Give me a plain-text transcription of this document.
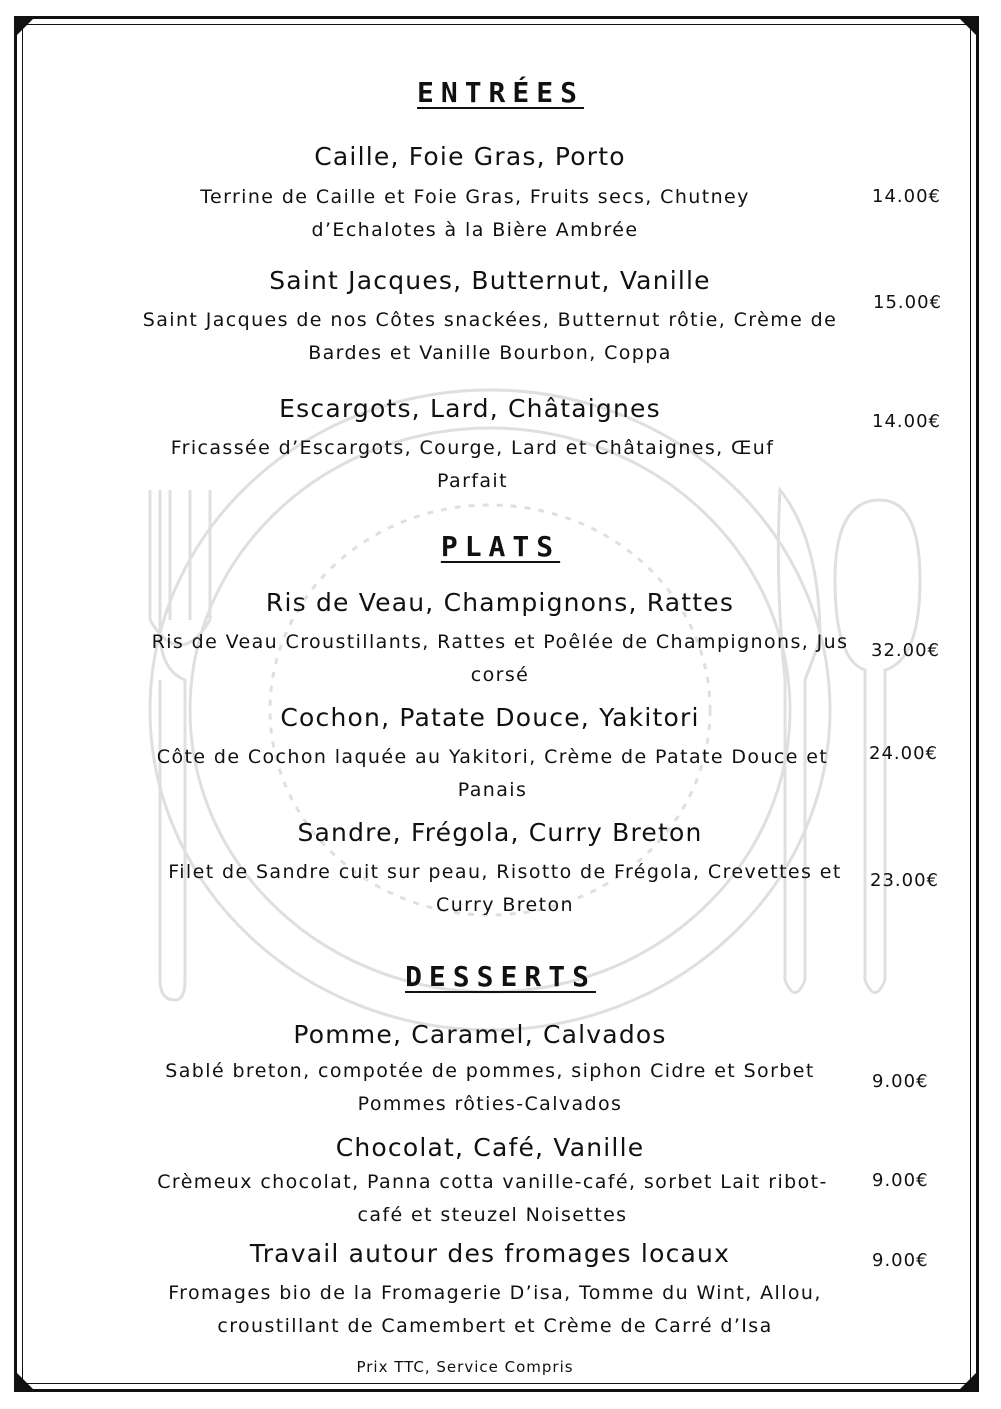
ENTRÉES
Caille, Foie Gras, Porto
Terrine de Caille et Foie Gras, Fruits secs, Chutney d’Echalotes à la Bière Ambrée
14.00€
Saint Jacques, Butternut, Vanille
Saint Jacques de nos Côtes snackées, Butternut rôtie, Crème de Bardes et Vanille Bourbon, Coppa
15.00€
Escargots, Lard, Châtaignes
Fricassée d’Escargots, Courge, Lard et Châtaignes, Œuf Parfait
14.00€
PLATS
Ris de Veau, Champignons, Rattes
Ris de Veau Croustillants, Rattes et Poêlée de Champignons, Jus corsé
32.00€
Cochon, Patate Douce, Yakitori
Côte de Cochon laquée au Yakitori, Crème de Patate Douce et Panais
24.00€
Sandre, Frégola, Curry Breton
Filet de Sandre cuit sur peau, Risotto de Frégola, Crevettes et Curry Breton
23.00€
DESSERTS
Pomme, Caramel, Calvados
Sablé breton, compotée de pommes, siphon Cidre et Sorbet Pommes rôties-Calvados
9.00€
Chocolat, Café, Vanille
Crèmeux chocolat, Panna cotta vanille-café, sorbet Lait ribot-café et steuzel Noisettes
9.00€
Travail autour des fromages locaux
Fromages bio de la Fromagerie D’isa, Tomme du Wint, Allou, croustillant de Camembert et Crème de Carré d’Isa
9.00€
Prix TTC, Service Compris
